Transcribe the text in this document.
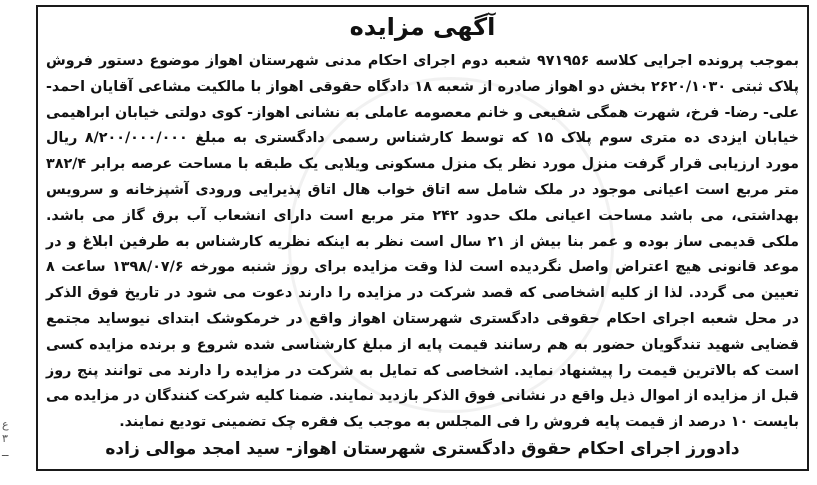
آگهی مزایده
بموجب پرونده اجرایی کلاسه ۹۷۱۹۵۶ شعبه دوم اجرای احکام مدنی شهرستان اهواز موضوع دستور فروش پلاک ثبتی ۲۶۲۰/۱۰۳۰ بخش دو اهواز صادره از شعبه ۱۸ دادگاه حقوقی اهواز با مالکیت مشاعی آقایان احمد- علی- رضا- فرخ، شهرت همگی شفیعی و خانم معصومه عاملی به نشانی اهواز- کوی دولتی خیابان ابراهیمی خیابان ایزدی ده متری سوم پلاک ۱۵ که توسط کارشناس رسمی دادگستری به مبلغ ۸/۲۰۰/۰۰۰/۰۰۰ ریال مورد ارزیابی قرار گرفت منزل مورد نظر یک منزل مسکونی ویلایی یک طبقه با مساحت عرصه برابر ۳۸۲/۴ متر مربع است اعیانی موجود در ملک شامل سه اتاق خواب هال اتاق پذیرایی ورودی آشپزخانه و سرویس بهداشتی، می باشد مساحت اعیانی ملک حدود ۲۴۲ متر مربع است دارای انشعاب آب برق گاز می باشد. ملکی قدیمی ساز بوده و عمر بنا بیش از ۲۱ سال است نظر به اینکه نظریه کارشناس به طرفین ابلاغ و در موعد قانونی هیچ اعتراض واصل نگردیده است لذا وقت مزایده برای روز شنبه مورخه ۱۳۹۸/۰۷/۶ ساعت ۸ تعیین می گردد. لذا از کلیه اشخاصی که قصد شرکت در مزایده را دارند دعوت می شود در تاریخ فوق الذکر در محل شعبه اجرای احکام حقوقی دادگستری شهرستان اهواز واقع در خرمکوشک ابتدای نیوساید مجتمع قضایی شهید تندگویان حضور به هم رسانند قیمت پایه از مبلغ کارشناسی شده شروع و برنده مزایده کسی است که بالاترین قیمت را پیشنهاد نماید. اشخاصی که تمایل به شرکت در مزایده را دارند می توانند پنج روز قبل از مزایده از اموال ذیل واقع در نشانی فوق الذکر بازدید نمایند. ضمنا کلیه شرکت کنندگان در مزایده می بایست ۱۰ درصد از قیمت پایه فروش را فی المجلس به موجب یک فقره چک تضمینی تودیع نمایند.
دادورز اجرای احکام حقوق دادگستری شهرستان اهواز- سید امجد موالی زاده
ع
۳
ــ
